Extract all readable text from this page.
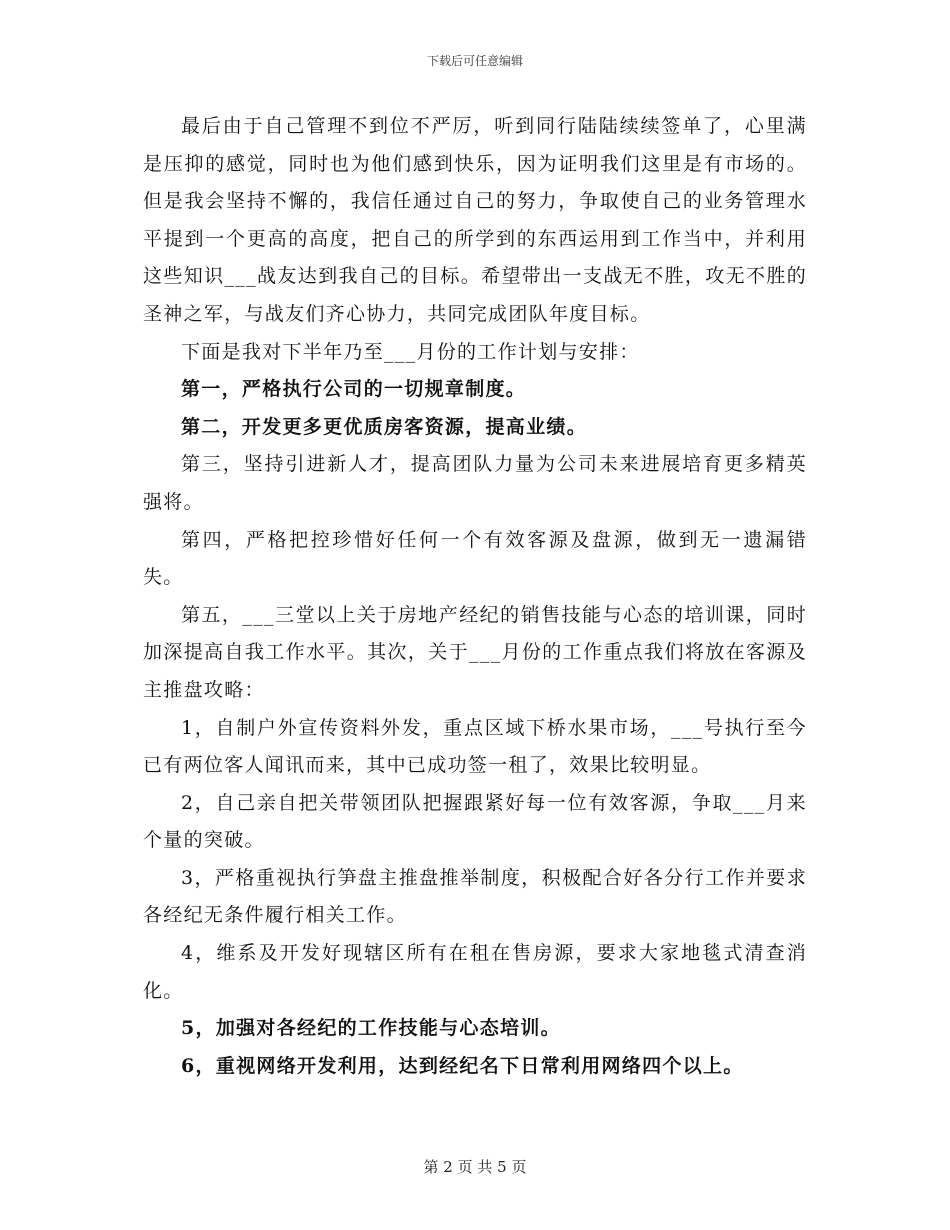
下载后可任意编辑

最后由于自己管理不到位不严厉，听到同行陆陆续续签单了，心里满是压抑的感觉，同时也为他们感到快乐，因为证明我们这里是有市场的。但是我会坚持不懈的，我信任通过自己的努力，争取使自己的业务管理水平提到一个更高的高度，把自己的所学到的东西运用到工作当中，并利用这些知识___战友达到我自己的目标。希望带出一支战无不胜，攻无不胜的圣神之军，与战友们齐心协力，共同完成团队年度目标。

下面是我对下半年乃至___月份的工作计划与安排：

第一，严格执行公司的一切规章制度。

第二，开发更多更优质房客资源，提高业绩。

第三，坚持引进新人才，提高团队力量为公司未来进展培育更多精英强将。

第四，严格把控珍惜好任何一个有效客源及盘源，做到无一遗漏错失。

第五，___三堂以上关于房地产经纪的销售技能与心态的培训课，同时加深提高自我工作水平。其次，关于___月份的工作重点我们将放在客源及主推盘攻略：

1，自制户外宣传资料外发，重点区域下桥水果市场，___号执行至今已有两位客人闻讯而来，其中已成功签一租了，效果比较明显。

2，自己亲自把关带领团队把握跟紧好每一位有效客源，争取___月来个量的突破。

3，严格重视执行笋盘主推盘推举制度，积极配合好各分行工作并要求各经纪无条件履行相关工作。

4，维系及开发好现辖区所有在租在售房源，要求大家地毯式清查消化。

5，加强对各经纪的工作技能与心态培训。

6，重视网络开发利用，达到经纪名下日常利用网络四个以上。

第 2 页 共 5 页
